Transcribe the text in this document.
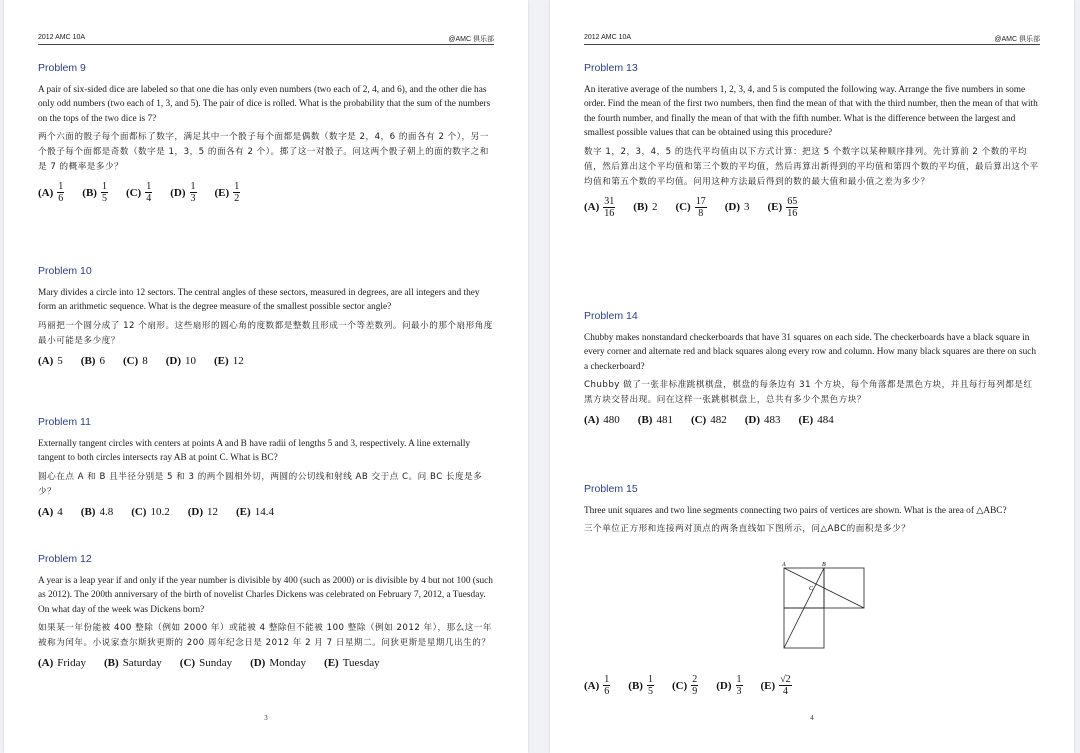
2012 AMC 10A	@AMC 俱乐部
Problem 9
A pair of six-sided dice are labeled so that one die has only even numbers (two each of 2, 4, and 6), and the other die has only odd numbers (two each of 1, 3, and 5). The pair of dice is rolled. What is the probability that the sum of the numbers on the tops of the two dice is 7?
两个六面的骰子每个面都标了数字，满足其中一个骰子每个面都是偶数（数字是 2，4，6 的面各有 2 个），另一个骰子每个面都是奇数（数字是 1，3，5 的面各有 2 个）。掷了这一对骰子。问这两个骰子朝上的面的数字之和是 7 的概率是多少？
$(A) \frac{1}{6} (B) \frac{1}{5} (C) \frac{1}{4} (D) \frac{1}{3} (E) \frac{1}{2}$
Problem 10
Mary divides a circle into 12 sectors. The central angles of these sectors, measured in degrees, are all integers and they form an arithmetic sequence. What is the degree measure of the smallest possible sector angle?
玛丽把一个圆分成了 12 个扇形。这些扇形的圆心角的度数都是整数且形成一个等差数列。问最小的那个扇形角度最小可能是多少度？
(A) 5 (B) 6 (C) 8 (D) 10 (E) 12
Problem 11
Externally tangent circles with centers at points A and B have radii of lengths 5 and 3, respectively. A line externally tangent to both circles intersects ray AB at point C. What is BC?
圆心在点 A 和 B 且半径分别是 5 和 3 的两个圆相外切，两圆的公切线和射线 AB 交于点 C。问 BC 长度是多少？
(A) 4 (B) 4.8 (C) 10.2 (D) 12 (E) 14.4
Problem 12
A year is a leap year if and only if the year number is divisible by 400 (such as 2000) or is divisible by 4 but not 100 (such as 2012). The 200th anniversary of the birth of novelist Charles Dickens was celebrated on February 7, 2012, a Tuesday. On what day of the week was Dickens born?
如果某一年份能被 400 整除（例如 2000 年）或能被 4 整除但不能被 100 整除（例如 2012 年），那么这一年被称为闰年。小说家查尔斯狄更斯的 200 周年纪念日是 2012 年 2 月 7 日星期二。问狄更斯是星期几出生的？
(A) Friday (B) Saturday (C) Sunday (D) Monday (E) Tuesday
3
2012 AMC 10A	@AMC 俱乐部
Problem 13
An iterative average of the numbers 1, 2, 3, 4, and 5 is computed the following way. Arrange the five numbers in some order. Find the mean of the first two numbers, then find the mean of that with the third number, then the mean of that with the fourth number, and finally the mean of that with the fifth number. What is the difference between the largest and smallest possible values that can be obtained using this procedure?
数字 1，2，3，4，5 的迭代平均值由以下方式计算：把这 5 个数字以某种顺序排列。先计算前 2 个数的平均值，然后算出这个平均值和第三个数的平均值，然后再算出新得到的平均值和第四个数的平均值，最后算出这个平均值和第五个数的平均值。问用这种方法最后得到的数的最大值和最小值之差为多少？
$(A) \frac{31}{16} (B)$ 2 $(C) \frac{17}{8} (D)$ 3 $(E) \frac{65}{16}$
Problem 14
Chubby makes nonstandard checkerboards that have 31 squares on each side. The checkerboards have a black square in every corner and alternate red and black squares along every row and column. How many black squares are there on such a checkerboard?
Chubby 做了一张非标准跳棋棋盘，棋盘的每条边有 31 个方块，每个角落都是黑色方块，并且每行每列都是红黑方块交替出现。问在这样一张跳棋棋盘上，总共有多少个黑色方块？
(A) 480 (B) 481 (C) 482 (D) 483 (E) 484
Problem 15
Three unit squares and two line segments connecting two pairs of vertices are shown. What is the area of △ABC?
三个单位正方形和连接两对顶点的两条直线如下图所示，问△ABC的面积是多少？
A	B
C
$(A) \frac{1}{6} (B) \frac{1}{5} (C) \frac{2}{9} (D) \frac{1}{3} (E) \frac{√2}{4}$
4
